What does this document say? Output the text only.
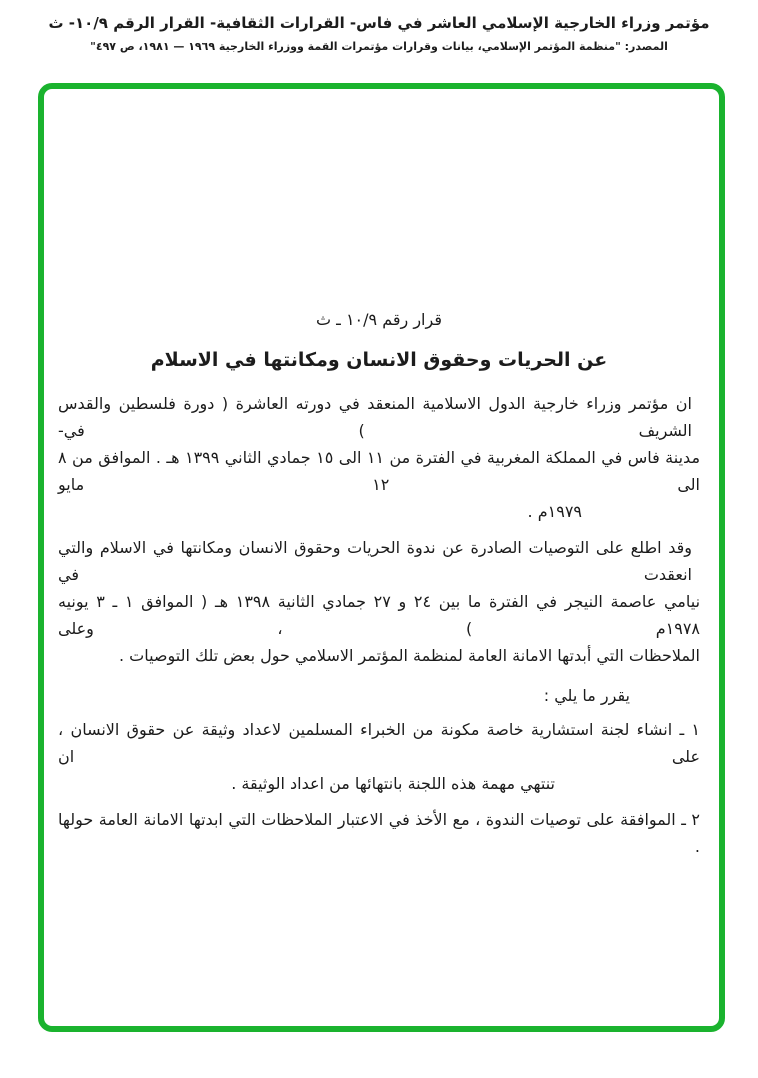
مؤتمر وزراء الخارجية الإسلامي العاشر في فاس- القرارات الثقافية- القرار الرقم ١٠/٩- ث
المصدر: "منظمة المؤتمر الإسلامي، بيانات وقرارات مؤتمرات القمة ووزراء الخارجية ١٩٦٩ — ١٩٨١، ص ٤٩٧"
قرار رقم ١٠/٩ ـ ث
عن الحريات وحقوق الانسان ومكانتها في الاسلام
ان مؤتمر وزراء خارجية الدول الاسلامية المنعقد في دورته العاشرة ( دورة فلسطين والقدس الشريف ) في-
مدينة فاس في المملكة المغربية في الفترة من ١١ الى ١٥ جمادي الثاني ١٣٩٩ هـ . الموافق من ٨ الى ١٢ مايو
١٩٧٩م .
وقد اطلع على التوصيات الصادرة عن ندوة الحريات وحقوق الانسان ومكانتها في الاسلام والتي انعقدت في
نيامي عاصمة النيجر في الفترة ما بين ٢٤ و ٢٧ جمادي الثانية ١٣٩٨ هـ ( الموافق ١ ـ ٣ يونيه ١٩٧٨م ) ، وعلى
الملاحظات التي أبدتها الامانة العامة لمنظمة المؤتمر الاسلامي حول بعض تلك التوصيات .
يقرر ما يلي :
١ ـ انشاء لجنة استشارية خاصة مكونة من الخبراء المسلمين لاعداد وثيقة عن حقوق الانسان ، على ان
تنتهي مهمة هذه اللجنة بانتهائها من اعداد الوثيقة .
٢ ـ الموافقة على توصيات الندوة ، مع الأخذ في الاعتبار الملاحظات التي ابدتها الامانة العامة حولها .
